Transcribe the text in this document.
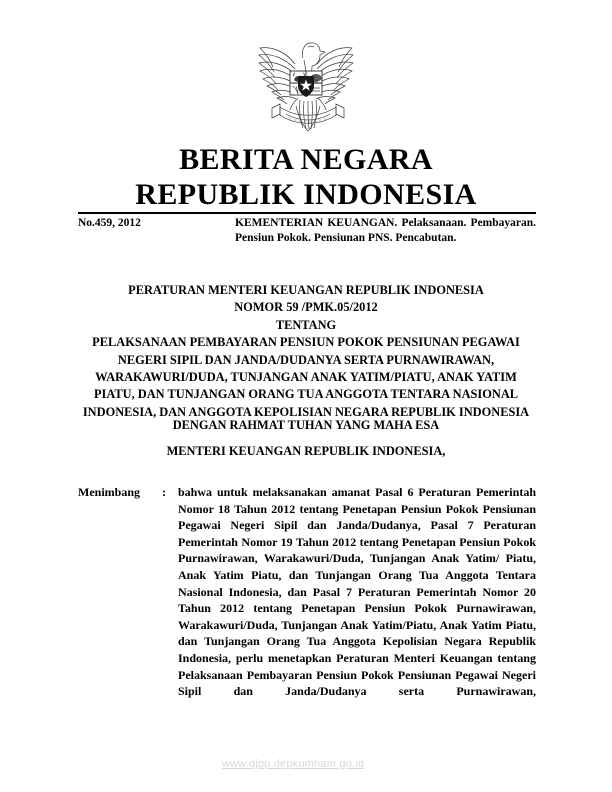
BERITA NEGARA
REPUBLIK INDONESIA
No.459, 2012	KEMENTERIAN KEUANGAN. Pelaksanaan. Pembayaran. Pensiun Pokok. Pensiunan PNS. Pencabutan.
PERATURAN MENTERI KEUANGAN REPUBLIK INDONESIA
NOMOR 59 /PMK.05/2012
TENTANG
PELAKSANAAN PEMBAYARAN PENSIUN POKOK PENSIUNAN PEGAWAI
NEGERI SIPIL DAN JANDA/DUDANYA SERTA PURNAWIRAWAN,
WARAKAWURI/DUDA, TUNJANGAN ANAK YATIM/PIATU, ANAK YATIM
PIATU, DAN TUNJANGAN ORANG TUA ANGGOTA TENTARA NASIONAL
INDONESIA, DAN ANGGOTA KEPOLISIAN NEGARA REPUBLIK INDONESIA
DENGAN RAHMAT TUHAN YANG MAHA ESA
MENTERI KEUANGAN REPUBLIK INDONESIA,
Menimbang	: bahwa untuk melaksanakan amanat Pasal 6 Peraturan Pemerintah Nomor 18 Tahun 2012 tentang Penetapan Pensiun Pokok Pensiunan Pegawai Negeri Sipil dan Janda/Dudanya, Pasal 7 Peraturan Pemerintah Nomor 19 Tahun 2012 tentang Penetapan Pensiun Pokok Purnawirawan, Warakawuri/Duda, Tunjangan Anak Yatim/ Piatu, Anak Yatim Piatu, dan Tunjangan Orang Tua Anggota Tentara Nasional Indonesia, dan Pasal 7 Peraturan Pemerintah Nomor 20 Tahun 2012 tentang Penetapan Pensiun Pokok Purnawirawan, Warakawuri/Duda, Tunjangan Anak Yatim/Piatu, Anak Yatim Piatu, dan Tunjangan Orang Tua Anggota Kepolisian Negara Republik Indonesia, perlu menetapkan Peraturan Menteri Keuangan tentang Pelaksanaan Pembayaran Pensiun Pokok Pensiunan Pegawai Negeri Sipil dan Janda/Dudanya serta Purnawirawan,

www.djpp.depkumham.go.id
